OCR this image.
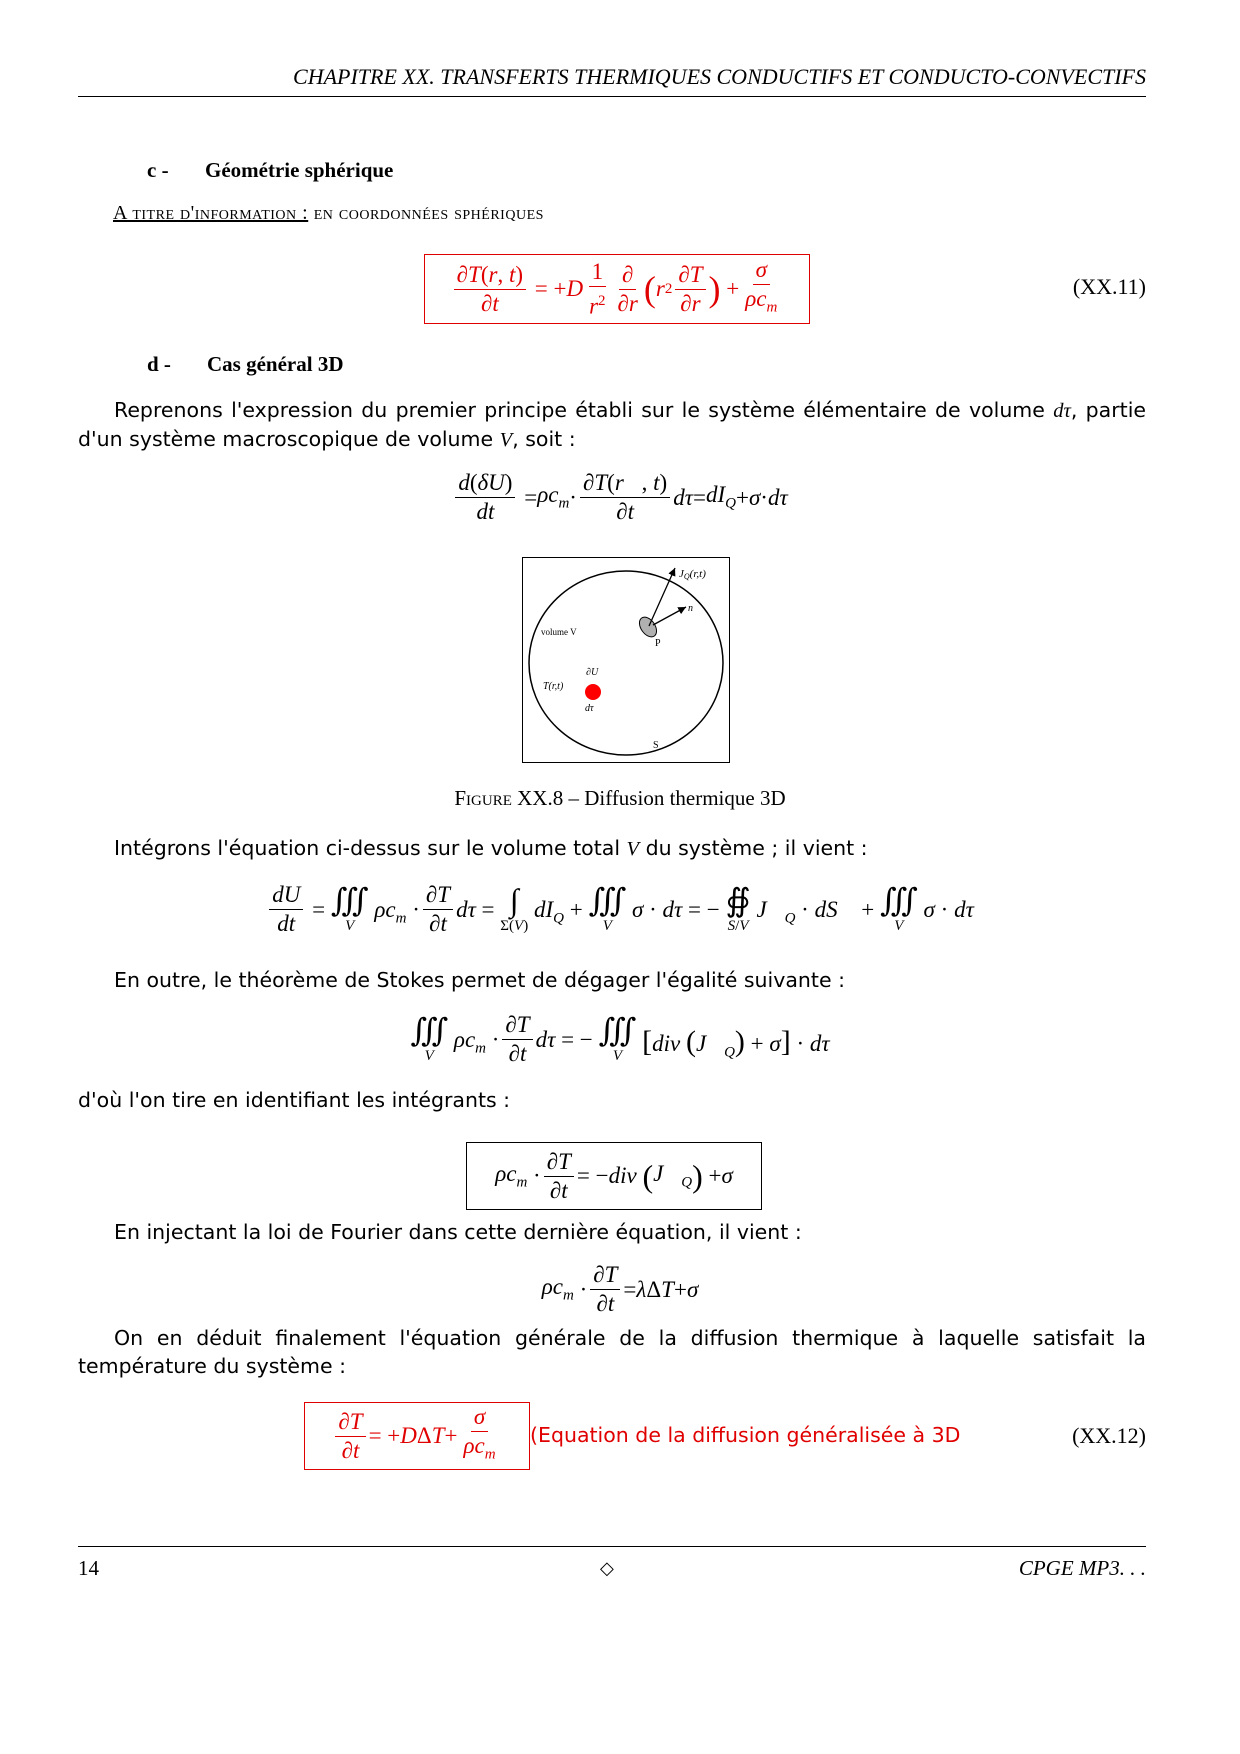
CHAPITRE XX. TRANSFERTS THERMIQUES CONDUCTIFS ET CONDUCTO-CONVECTIFS
c - Géométrie sphérique
A titre d'information : en coordonnées sphériques
$\frac{\partial T(r, t)}{\partial t}$ = + D $\frac{1}{r^2} \frac{\partial}{\partial r}$ ( r $2 \frac{\partial T}{\partial r}$ ) + $\frac{\sigma}{\rho c_m}$	(XX.11)
d - Cas général 3D
Reprenons l'expression du premier principe établi sur le système élémentaire de volume dτ, partie d'un système macroscopique de volume V, soit :
$\frac{d(\delta U)}{dt} = \rho c_m \cdot \frac{\partial T(r⃗, t)}{\partial t}$ $d\tau = dI_Q + \sigma \cdot d\tau$
JQ(r,t)
n
volume V
P
∂U
T(r,t)
dτ
S
Figure XX.8 – Diffusion thermique 3D
Intégrons l'équation ci-dessus sur le volume total V du système ; il vient :
$\frac{dU}{dt}$ = ∭
V
$\rho c_m \cdot \frac{\partial T}{\partial t}$ dτ = ∫
Σ(V)
$dI_Q$ + ∭
V
σ · dτ = − ∯
S/V
$J⃗_Q$ · dS⃗ + ∭
V
σ · dτ
En outre, le théorème de Stokes permet de dégager l'égalité suivante :
∭
V
$\rho c_m \cdot \frac{\partial T}{\partial t}$ dτ = − ∭
V [div $(J⃗_Q) + \sigma] \cdot d\tau$
d'où l'on tire en identifiant les intégrants :
$\rho c_m \cdot \frac{\partial T}{\partial t}$ = − div
( $J⃗_Q$ ) + σ
En injectant la loi de Fourier dans cette dernière équation, il vient :
$\rho c_m \cdot \frac{\partial T}{\partial t} = \lambda$ Δ T + σ
On en déduit finalement l'équation générale de la diffusion thermique à laquelle satisfait la température du système :
$\frac{\partial T}{\partial t}$ = + D Δ $T + \frac{\sigma}{\rho c_m}$ (Equation de la diffusion généralisée à 3D	(XX.12)
14	◇	CPGE MP3. . .
